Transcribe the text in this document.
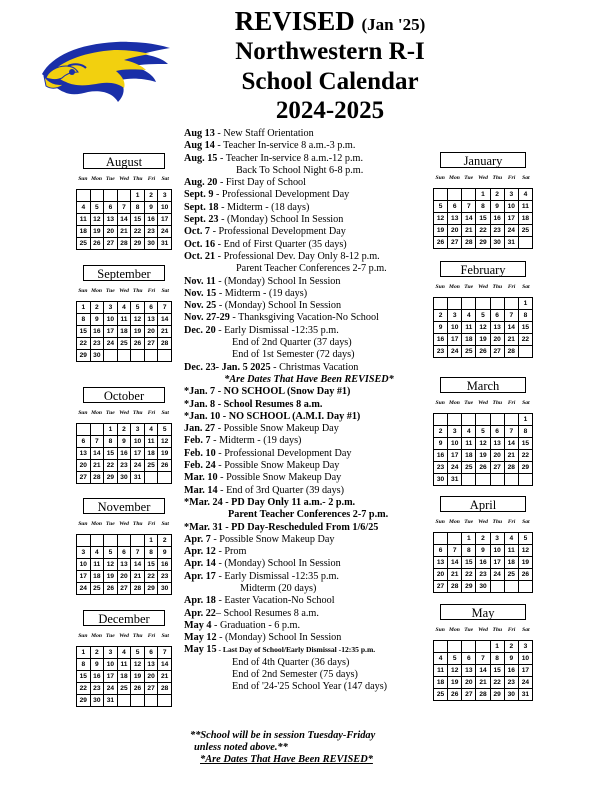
REVISED (Jan '25)
Northwestern R-I
School Calendar
2024-2025
Aug 13 - New Staff Orientation
Aug 14 - Teacher In-service 8 a.m.-3 p.m.
Aug. 15 - Teacher In-service 8 a.m.-12 p.m.
Back To School Night 6-8 p.m.
Aug. 20 - First Day of School
Sept. 9 - Professional Development Day
Sept. 18 - Midterm - (18 days)
Sept. 23 - (Monday) School In Session
Oct. 7 - Professional Development Day
Oct. 16 - End of First Quarter (35 days)
Oct. 21 - Professional Dev. Day Only 8-12 p.m.
Parent Teacher Conferences 2-7 p.m.
Nov. 11 - (Monday) School In Session
Nov. 15 - Midterm - (19 days)
Nov. 25 - (Monday) School In Session
Nov. 27-29 - Thanksgiving Vacation-No School
Dec. 20 - Early Dismissal -12:35 p.m.
End of 2nd Quarter (37 days)
End of 1st Semester (72 days)
Dec. 23- Jan. 5 2025 - Christmas Vacation
*Are Dates That Have Been REVISED*
*Jan. 7 - NO SCHOOL (Snow Day #1)
*Jan. 8 - School Resumes 8 a.m.
*Jan. 10 - NO SCHOOL (A.M.I. Day #1)
Jan. 27 - Possible Snow Makeup Day
Feb. 7 - Midterm - (19 days)
Feb. 10 - Professional Development Day
Feb. 24 - Possible Snow Makeup Day
Mar. 10 - Possible Snow Makeup Day
Mar. 14 - End of 3rd Quarter (39 days)
*Mar. 24 - PD Day Only 11 a.m.- 2 p.m.
Parent Teacher Conferences 2-7 p.m.
*Mar. 31 - PD Day-Rescheduled From 1/6/25
Apr. 7 - Possible Snow Makeup Day
Apr. 12 - Prom
Apr. 14 - (Monday) School In Session
Apr. 17 - Early Dismissal -12:35 p.m.
Midterm (20 days)
Apr. 18 - Easter Vacation-No School
Apr. 22– School Resumes 8 a.m.
May 4 - Graduation - 6 p.m.
May 12 - (Monday) School In Session
May 15 - Last Day of School/Early Dismissal -12:35 p.m.
End of 4th Quarter (36 days)
End of 2nd Semester (75 days)
End of '24-'25 School Year (147 days)
**School will be in session Tuesday-Friday
unless noted above.**
*Are Dates That Have Been REVISED*
August
Sun Mon Tue Wed Thu Fri	Sat
				1	2	3
4	5	6	7	8	9	10
11	12	13	14	15	16	17
18	19	20	21	22	23	24
25	26	27	28	29	30	31
September
Sun Mon Tue Wed Thu Fri	Sat
1	2	3	4	5	6	7
8	9	10	11	12	13	14
15	16	17	18	19	20	21
22	23	24	25	26	27	28
29	30					
October
Sun Mon Tue Wed Thu Fri	Sat
		1	2	3	4	5
6	7	8	9	10	11	12
13	14	15	16	17	18	19
20	21	22	23	24	25	26
27	28	29	30	31		
November
Sun Mon Tue Wed Thu Fri	Sat
					1	2
3	4	5	6	7	8	9
10	11	12	13	14	15	16
17	18	19	20	21	22	23
24	25	26	27	28	29	30
December
Sun Mon Tue Wed Thu Fri	Sat
1	2	3	4	5	6	7
8	9	10	11	12	13	14
15	16	17	18	19	20	21
22	23	24	25	26	27	28
29	30	31				
January
Sun Mon Tue Wed Thu	Fri	Sat
			1	2	3	4
5	6	7	8	9	10	11
12	13	14	15	16	17	18
19	20	21	22	23	24	25
26	27	28	29	30	31	
February
Sun Mon Tue Wed Thu	Fri	Sat
						1
2	3	4	5	6	7	8
9	10	11	12	13	14	15
16	17	18	19	20	21	22
23	24	25	26	27	28	
March
Sun Mon Tue Wed Thu	Fri	Sat
						1
2	3	4	5	6	7	8
9	10	11	12	13	14	15
16	17	18	19	20	21	22
23	24	25	26	27	28	29
30	31					
April
Sun Mon Tue Wed Thu	Fri	Sat
		1	2	3	4	5
6	7	8	9	10	11	12
13	14	15	16	17	18	19
20	21	22	23	24	25	26
27	28	29	30			
May
Sun Mon Tue Wed Thu	Fri	Sat
				1	2	3
4	5	6	7	8	9	10
11	12	13	14	15	16	17
18	19	20	21	22	23	24
25	26	27	28	29	30	31
